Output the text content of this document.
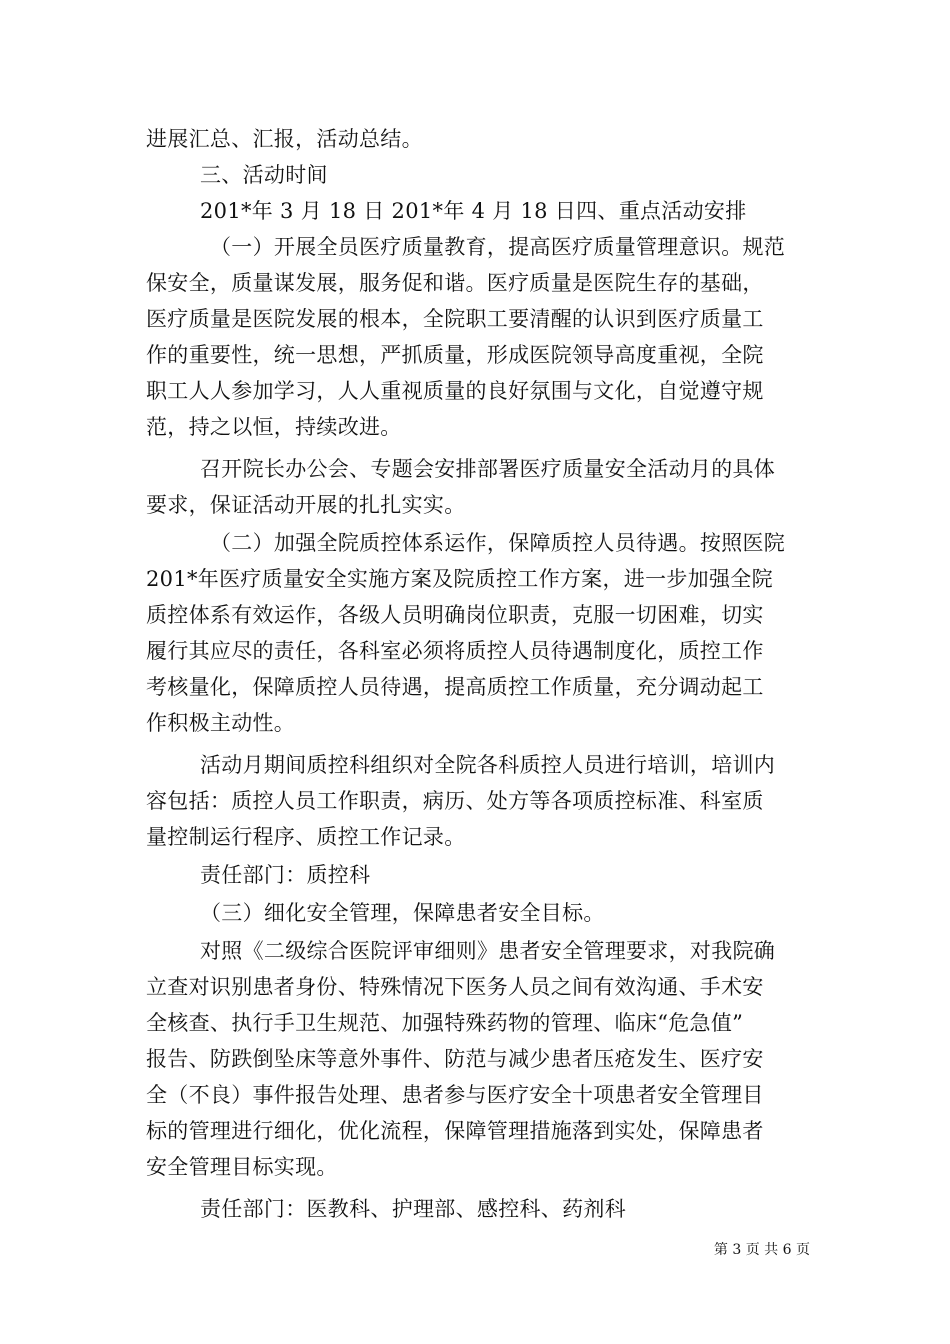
进展汇总、汇报，活动总结。
三、活动时间
201*年 3 月 18 日 201*年 4 月 18 日四、重点活动安排
（一）开展全员医疗质量教育，提高医疗质量管理意识。规范
保安全，质量谋发展，服务促和谐。医疗质量是医院生存的基础，
医疗质量是医院发展的根本，全院职工要清醒的认识到医疗质量工
作的重要性，统一思想，严抓质量，形成医院领导高度重视，全院
职工人人参加学习，人人重视质量的良好氛围与文化，自觉遵守规
范，持之以恒，持续改进。
召开院长办公会、专题会安排部署医疗质量安全活动月的具体
要求，保证活动开展的扎扎实实。
（二）加强全院质控体系运作，保障质控人员待遇。按照医院
201*年医疗质量安全实施方案及院质控工作方案，进一步加强全院
质控体系有效运作，各级人员明确岗位职责，克服一切困难，切实
履行其应尽的责任，各科室必须将质控人员待遇制度化，质控工作
考核量化，保障质控人员待遇，提高质控工作质量，充分调动起工
作积极主动性。
活动月期间质控科组织对全院各科质控人员进行培训，培训内
容包括：质控人员工作职责，病历、处方等各项质控标准、科室质
量控制运行程序、质控工作记录。
责任部门：质控科
（三）细化安全管理，保障患者安全目标。
对照《二级综合医院评审细则》患者安全管理要求，对我院确
立查对识别患者身份、特殊情况下医务人员之间有效沟通、手术安
全核查、执行手卫生规范、加强特殊药物的管理、临床“危急值”
报告、防跌倒坠床等意外事件、防范与减少患者压疮发生、医疗安
全（不良）事件报告处理、患者参与医疗安全十项患者安全管理目
标的管理进行细化，优化流程，保障管理措施落到实处，保障患者
安全管理目标实现。
责任部门：医教科、护理部、感控科、药剂科
第 3 页 共 6 页
